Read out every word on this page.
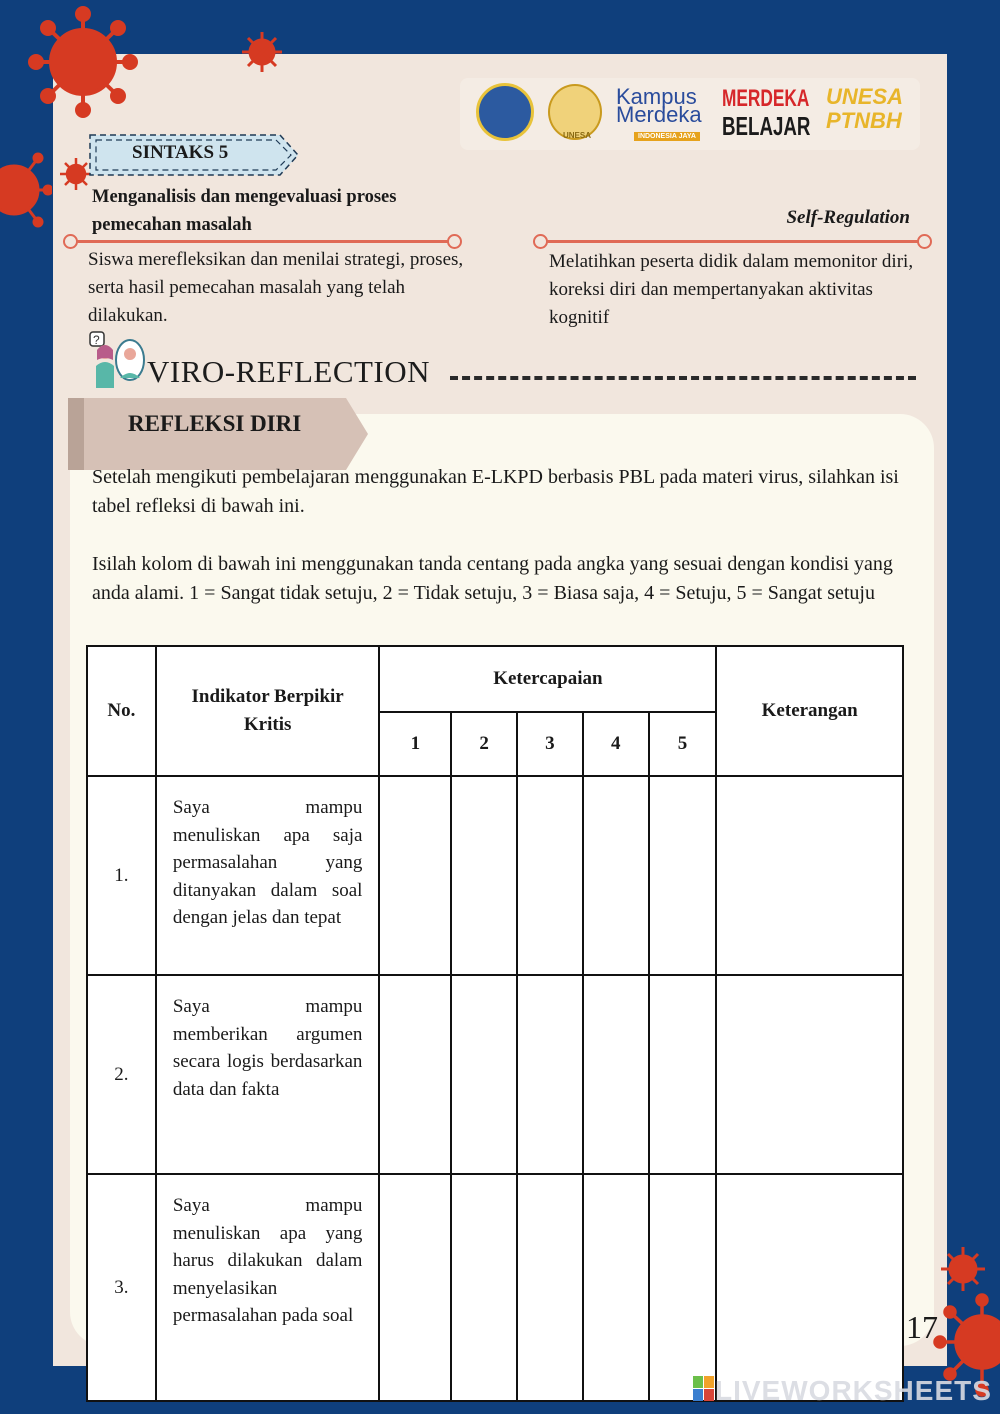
UNESA
Kampus
Merdeka
INDONESIA JAYA
MERDEKA
BELAJAR
UNESA
PTNBH
SINTAKS 5
Menganalisis dan mengevaluasi proses pemecahan masalah	Self-Regulation
Siswa merefleksikan dan menilai strategi, proses, serta hasil pemecahan masalah yang telah dilakukan.
Melatihkan peserta didik dalam memonitor diri, koreksi diri dan mempertanyakan aktivitas kognitif
?
VIRO-REFLECTION
REFLEKSI DIRI
Setelah mengikuti pembelajaran menggunakan E-LKPD berbasis PBL pada materi virus, silahkan isi tabel refleksi di bawah ini.
Isilah kolom di bawah ini menggunakan tanda centang pada angka yang sesuai dengan kondisi yang anda alami. 1 = Sangat tidak setuju, 2 = Tidak setuju, 3 = Biasa saja, 4 = Setuju, 5 = Sangat setuju
No.	Indikator Berpikir Kritis	Ketercapaian					Keterangan
		1	2	3	4	5	
1.	Saya mampu menuliskan apa saja permasalahan yang ditanyakan dalam soal dengan jelas dan tepat						
2.	Saya mampu memberikan argumen secara logis berdasarkan data dan fakta						
3.	Saya mampu menuliskan apa yang harus dilakukan dalam menyelasikan permasalahan pada soal							17
LIVEWORKSHEETS
